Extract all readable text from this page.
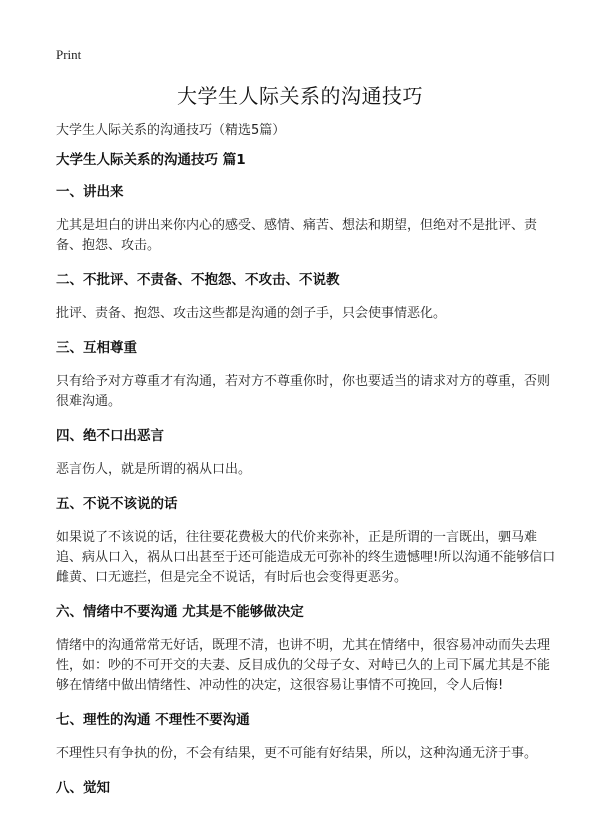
Print
大学生人际关系的沟通技巧

大学生人际关系的沟通技巧（精选5篇）

大学生人际关系的沟通技巧 篇1
一、讲出来
尤其是坦白的讲出来你内心的感受、感情、痛苦、想法和期望，但绝对不是批评、责备、抱怨、攻击。
二、不批评、不责备、不抱怨、不攻击、不说教
批评、责备、抱怨、攻击这些都是沟通的刽子手，只会使事情恶化。
三、互相尊重
只有给予对方尊重才有沟通，若对方不尊重你时，你也要适当的请求对方的尊重，否则很难沟通。
四、绝不口出恶言
恶言伤人，就是所谓的祸从口出。
五、不说不该说的话
如果说了不该说的话，往往要花费极大的代价来弥补，正是所谓的一言既出，驷马难追、病从口入，祸从口出甚至于还可能造成无可弥补的终生遗憾哩!所以沟通不能够信口雌黄、口无遮拦，但是完全不说话，有时后也会变得更恶劣。
六、情绪中不要沟通 尤其是不能够做决定
情绪中的沟通常常无好话，既理不清，也讲不明，尤其在情绪中，很容易冲动而失去理性，如：吵的不可开交的夫妻、反目成仇的父母子女、对峙已久的上司下属尤其是不能够在情绪中做出情绪性、冲动性的决定，这很容易让事情不可挽回，令人后悔!
七、理性的沟通 不理性不要沟通
不理性只有争执的份，不会有结果，更不可能有好结果，所以，这种沟通无济于事。
八、觉知
